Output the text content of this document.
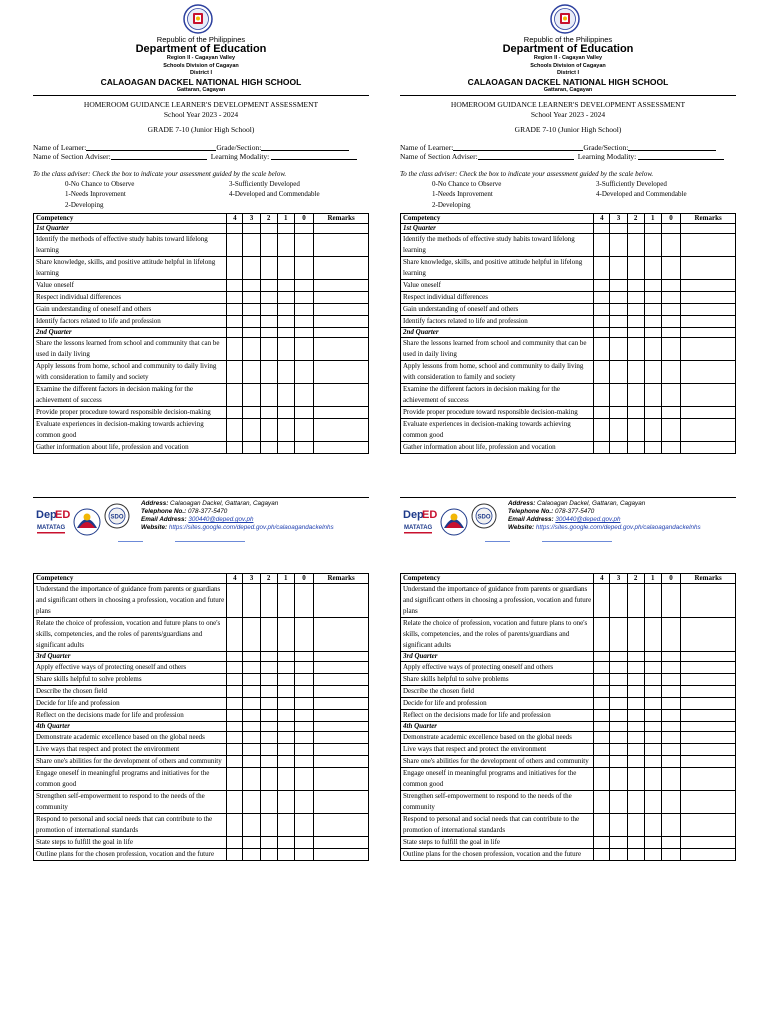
Republic of the Philippines
Department of Education
Region II - Cagayan Valley
Schools Division of Cagayan
District I
CALAOAGAN DACKEL NATIONAL HIGH SCHOOL
Gattaran, Cagayan
HOMEROOM GUIDANCE LEARNER'S DEVELOPMENT ASSESSMENT
School Year 2023 - 2024
GRADE 7-10 (Junior High School)
Name of Learner:	Grade/Section:
Name of Section Adviser:	Learning Modality:
To the class adviser: Check the box to indicate your assessment guided by the scale below.
0-No Chance to Observe	3-Sufficiently Developed
1-Needs Inprovement	4-Developed and Commendable
2-Developing
Competency	4	3	2	1	0	Remarks
1st Quarter						
Identify the methods of effective study habits toward lifelong learning						
Share knowledge, skills, and positive attitude helpful in lifelong learning						
Value oneself						
Respect individual differences						
Gain understanding of oneself and others						
Identify factors related to life and profession						
2nd Quarter						
Share the lessons learned from school and community that can be used in daily living						
Apply lessons from home, school and community to daily living with consideration to family and society						
Examine the different factors in decision making for the achievement of success						
Provide proper procedure toward responsible decision-making						
Evaluate experiences in decision-making towards achieving common good						
Gather information about life, profession and vocation						
Republic of the Philippines
Department of Education
Region II - Cagayan Valley
Schools Division of Cagayan
District I
CALAOAGAN DACKEL NATIONAL HIGH SCHOOL
Gattaran, Cagayan
HOMEROOM GUIDANCE LEARNER'S DEVELOPMENT ASSESSMENT
School Year 2023 - 2024
GRADE 7-10 (Junior High School)
Name of Learner:	Grade/Section:
Name of Section Adviser:	Learning Modality:
To the class adviser: Check the box to indicate your assessment guided by the scale below.
0-No Chance to Observe	3-Sufficiently Developed
1-Needs Inprovement	4-Developed and Commendable
2-Developing
Competency	4	3	2	1	0	Remarks
1st Quarter						
Identify the methods of effective study habits toward lifelong learning						
Share knowledge, skills, and positive attitude helpful in lifelong learning						
Value oneself						
Respect individual differences						
Gain understanding of oneself and others						
Identify factors related to life and profession						
2nd Quarter						
Share the lessons learned from school and community that can be used in daily living						
Apply lessons from home, school and community to daily living with consideration to family and society						
Examine the different factors in decision making for the achievement of success						
Provide proper procedure toward responsible decision-making						
Evaluate experiences in decision-making towards achieving common good						
Gather information about life, profession and vocation						
Dep
ED
MATATAG
SDO
Address: Calaoagan Dackel, Gattaran, Cagayan
Telephone No.: 078-377-5470
Email Address: 300440@deped.gov.ph
Website: https://sites.google.com/deped.gov.ph/calaoagandackelnhs
Dep
ED
MATATAG
SDO
Address: Calaoagan Dackel, Gattaran, Cagayan
Telephone No.: 078-377-5470
Email Address: 300440@deped.gov.ph
Website: https://sites.google.com/deped.gov.ph/calaoagandackelnhs
Competency	4	3	2	1	0	Remarks
Understand the importance of guidance from parents or guardians and significant others in choosing a profession, vocation and future plans						
Relate the choice of profession, vocation and future plans to one's skills, competencies, and the roles of parents/guardians and significant adults						
3rd Quarter						
Apply effective ways of protecting oneself and others						
Share skills helpful to solve problems						
Describe the chosen field						
Decide for life and profession						
Reflect on the decisions made for life and profession						
4th Quarter						
Demonstrate academic excellence based on the global needs						
Live ways that respect and protect the environment						
Share one's abilities for the development of others and community						
Engage oneself in meaningful programs and initiatives for the common good						
Strengthen self-empowerment to respond to the needs of the community						
Respond to personal and social needs that can contribute to the promotion of international standards						
State steps to fulfill the goal in life						
Outline plans for the chosen profession, vocation and the future						
Competency	4	3	2	1	0	Remarks
Understand the importance of guidance from parents or guardians and significant others in choosing a profession, vocation and future plans						
Relate the choice of profession, vocation and future plans to one's skills, competencies, and the roles of parents/guardians and significant adults						
3rd Quarter						
Apply effective ways of protecting oneself and others						
Share skills helpful to solve problems						
Describe the chosen field						
Decide for life and profession						
Reflect on the decisions made for life and profession						
4th Quarter						
Demonstrate academic excellence based on the global needs						
Live ways that respect and protect the environment						
Share one's abilities for the development of others and community						
Engage oneself in meaningful programs and initiatives for the common good						
Strengthen self-empowerment to respond to the needs of the community						
Respond to personal and social needs that can contribute to the promotion of international standards						
State steps to fulfill the goal in life						
Outline plans for the chosen profession, vocation and the future						
